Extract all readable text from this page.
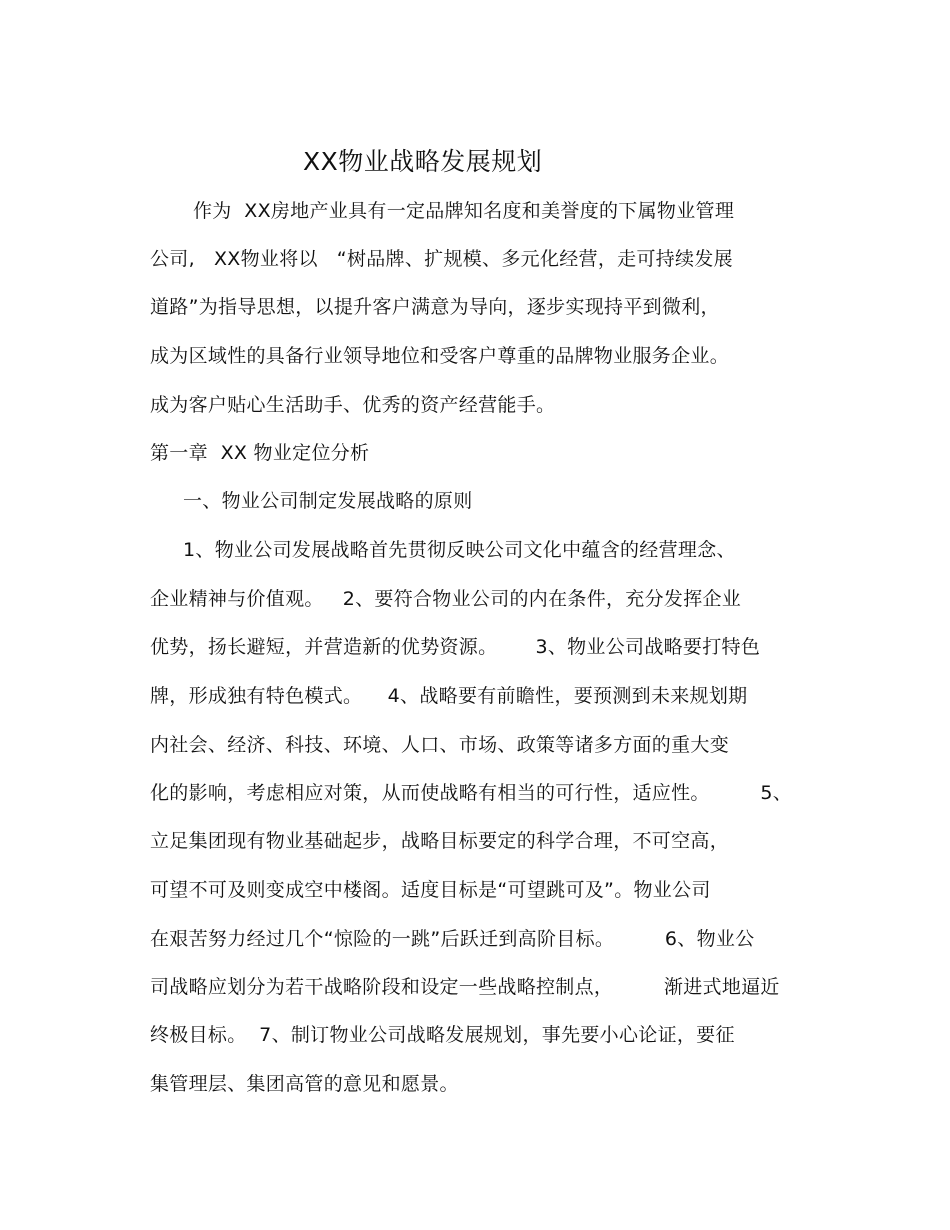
XX物业战略发展规划
作为  XX房地产业具有一定品牌知名度和美誉度的下属物业管理
公司,   XX物业将以   “树品牌、扩规模、多元化经营，走可持续发展
道路”为指导思想，以提升客户满意为导向，逐步实现持平到微利，
成为区域性的具备行业领导地位和受客户尊重的品牌物业服务企业。
成为客户贴心生活助手、优秀的资产经营能手。
第一章  XX 物业定位分析
一、物业公司制定发展战略的原则
1、物业公司发展战略首先贯彻反映公司文化中蕴含的经营理念、
企业精神与价值观。   2、要符合物业公司的内在条件，充分发挥企业
优势，扬长避短，并营造新的优势资源。      3、物业公司战略要打特色
牌，形成独有特色模式。    4、战略要有前瞻性，要预测到未来规划期
内社会、经济、科技、环境、人口、市场、政策等诸多方面的重大变
化的影响，考虑相应对策，从而使战略有相当的可行性，适应性。        5、
立足集团现有物业基础起步，战略目标要定的科学合理，不可空高，
可望不可及则变成空中楼阁。适度目标是“可望跳可及”。物业公司
在艰苦努力经过几个“惊险的一跳”后跃迁到高阶目标。        6、物业公
司战略应划分为若干战略阶段和设定一些战略控制点，        渐进式地逼近
终极目标。  7、制订物业公司战略发展规划，事先要小心论证，要征
集管理层、集团高管的意见和愿景。
